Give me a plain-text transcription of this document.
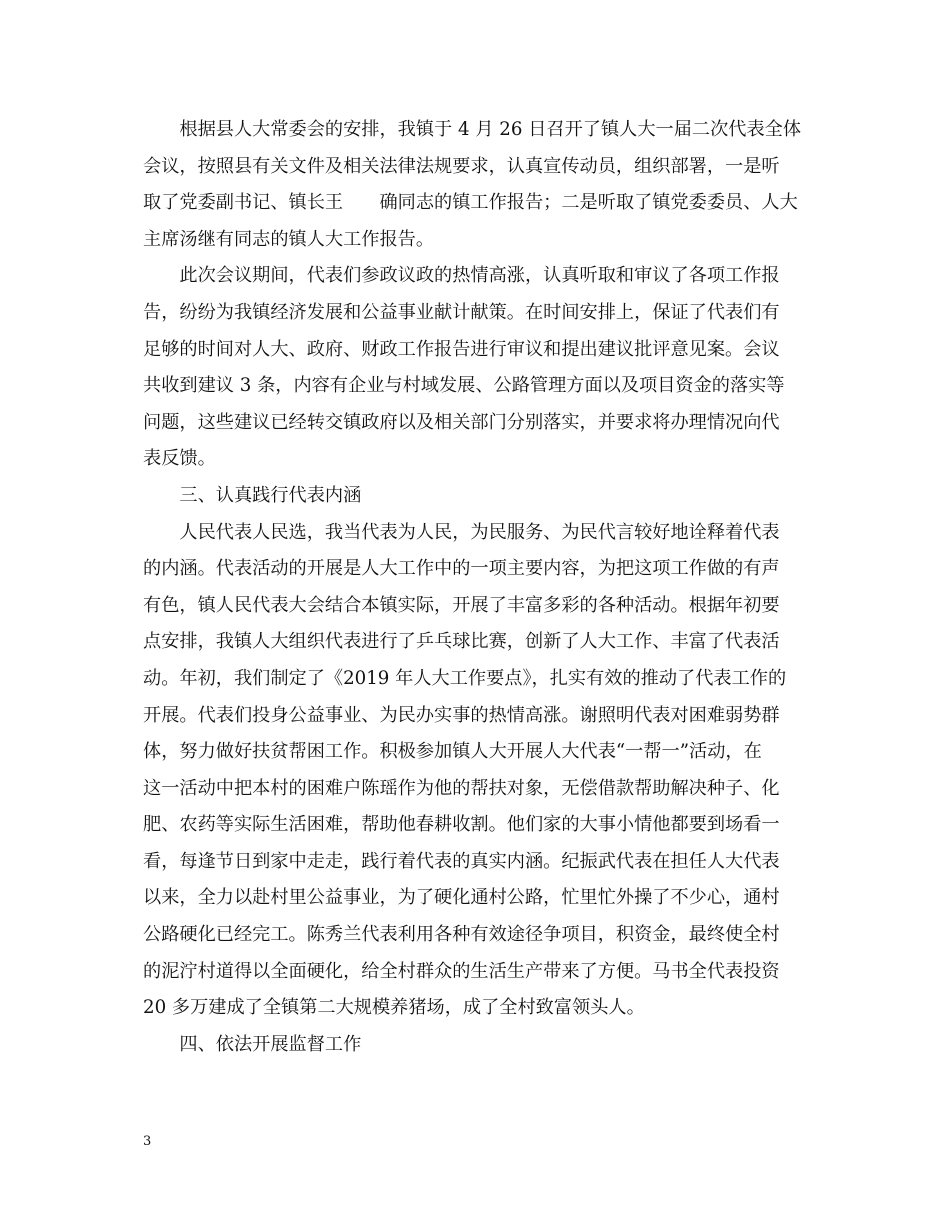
　　根据县人大常委会的安排，我镇于 4 月 26 日召开了镇人大一届二次代表全体
会议，按照县有关文件及相关法律法规要求，认真宣传动员，组织部署，一是听
取了党委副书记、镇长王　　确同志的镇工作报告；二是听取了镇党委委员、人大
主席汤继有同志的镇人大工作报告。
　　此次会议期间，代表们参政议政的热情高涨，认真听取和审议了各项工作报
告，纷纷为我镇经济发展和公益事业献计献策。在时间安排上，保证了代表们有
足够的时间对人大、政府、财政工作报告进行审议和提出建议批评意见案。会议
共收到建议 3 条，内容有企业与村域发展、公路管理方面以及项目资金的落实等
问题，这些建议已经转交镇政府以及相关部门分别落实，并要求将办理情况向代
表反馈。
　　三、认真践行代表内涵
　　人民代表人民选，我当代表为人民，为民服务、为民代言较好地诠释着代表
的内涵。代表活动的开展是人大工作中的一项主要内容，为把这项工作做的有声
有色，镇人民代表大会结合本镇实际，开展了丰富多彩的各种活动。根据年初要
点安排，我镇人大组织代表进行了乒乓球比赛，创新了人大工作、丰富了代表活
动。年初，我们制定了《2019 年人大工作要点》，扎实有效的推动了代表工作的
开展。代表们投身公益事业、为民办实事的热情高涨。谢照明代表对困难弱势群
体，努力做好扶贫帮困工作。积极参加镇人大开展人大代表“一帮一”活动，在
这一活动中把本村的困难户陈瑶作为他的帮扶对象，无偿借款帮助解决种子、化
肥、农药等实际生活困难，帮助他春耕收割。他们家的大事小情他都要到场看一
看，每逢节日到家中走走，践行着代表的真实内涵。纪振武代表在担任人大代表
以来，全力以赴村里公益事业，为了硬化通村公路，忙里忙外操了不少心，通村
公路硬化已经完工。陈秀兰代表利用各种有效途径争项目，积资金，最终使全村
的泥泞村道得以全面硬化，给全村群众的生活生产带来了方便。马书全代表投资
20 多万建成了全镇第二大规模养猪场，成了全村致富领头人。
　　四、依法开展监督工作
3
